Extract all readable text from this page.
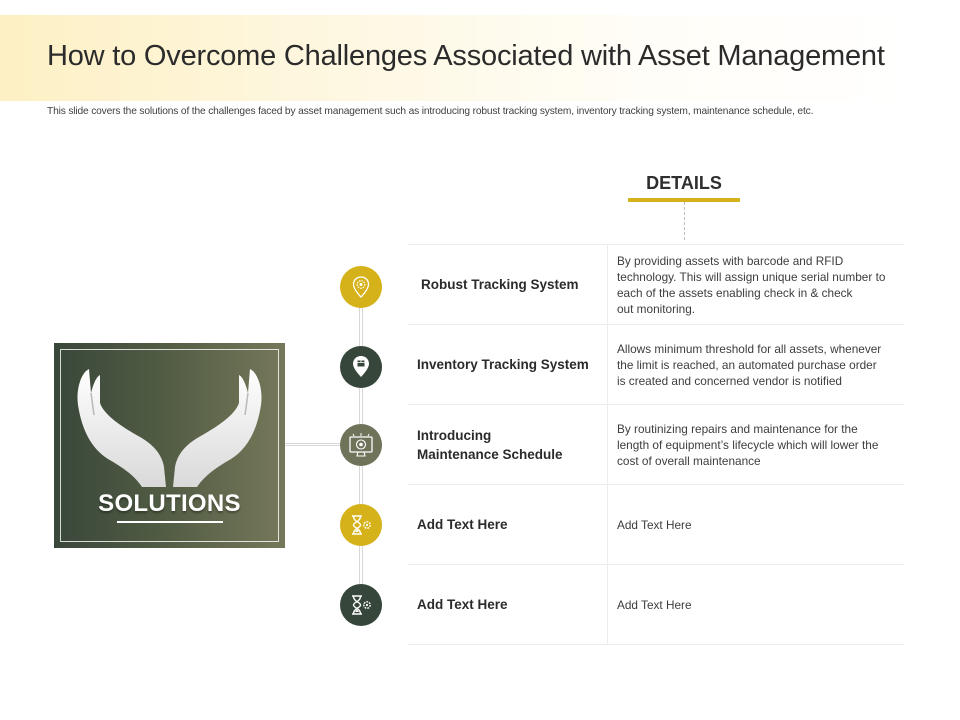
How to Overcome Challenges Associated with Asset Management

This slide covers the solutions of the challenges faced by asset management such as introducing robust tracking system, inventory tracking system, maintenance schedule, etc.

DETAILS
SOLUTIONS
Robust Tracking System
By providing assets with barcode and RFID
technology. This will assign unique serial number to
each of the assets enabling check in & check
out monitoring.
Inventory Tracking System
Allows minimum threshold for all assets, whenever
the limit is reached, an automated purchase order
is created and concerned vendor is notified
Introducing
Maintenance Schedule
By routinizing repairs and maintenance for the
length of equipment’s lifecycle which will lower the
cost of overall maintenance
Add Text Here	Add Text Here
Add Text Here	Add Text Here
